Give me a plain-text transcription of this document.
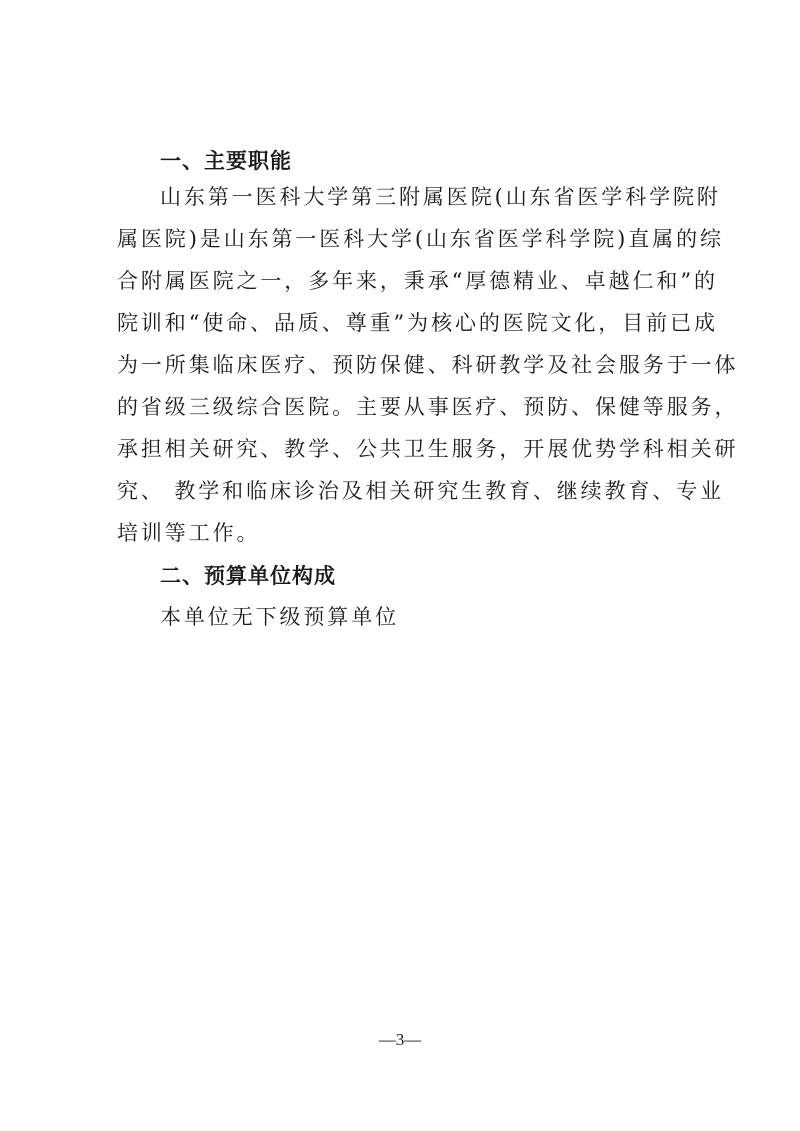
一、主要职能

山东第一医科大学第三附属医院(山东省医学科学院附

属医院)是山东第一医科大学(山东省医学科学院)直属的综

合附属医院之一，多年来，秉承“厚德精业、卓越仁和”的

院训和“使命、品质、尊重”为核心的医院文化，目前已成

为一所集临床医疗、预防保健、科研教学及社会服务于一体

的省级三级综合医院。主要从事医疗、预防、保健等服务，

承担相关研究、教学、公共卫生服务，开展优势学科相关研

究、 教学和临床诊治及相关研究生教育、继续教育、专业

培训等工作。

二、预算单位构成

本单位无下级预算单位

—3—
